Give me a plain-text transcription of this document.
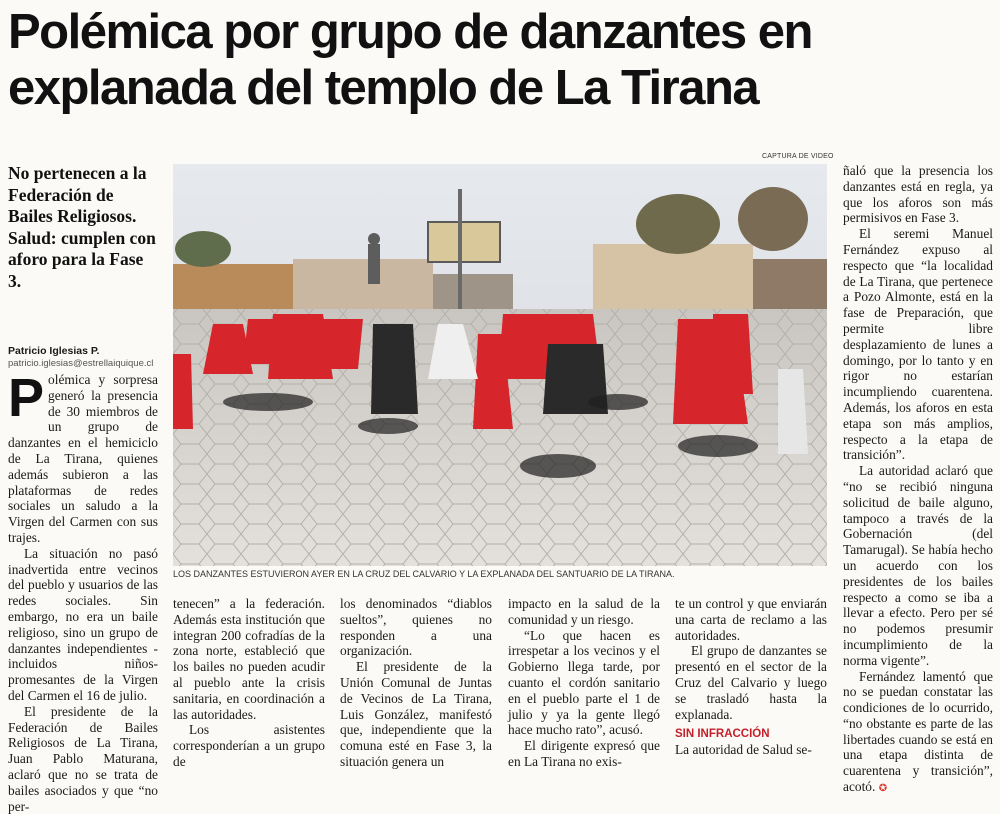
Polémica por grupo de danzantes en explanada del templo de La Tirana
No pertenecen a la Federación de Bailes Religiosos. Salud: cumplen con aforo para la Fase 3.
Patricio Iglesias P.
patricio.iglesias@estrellaiquique.cl
CAPTURA DE VIDEO
LOS DANZANTES ESTUVIERON AYER EN LA CRUZ DEL CALVARIO Y LA EXPLANADA DEL SANTUARIO DE LA TIRANA.

Polémica y sorpresa generó la presencia de 30 miembros de un grupo de danzantes en el hemiciclo de La Tirana, quienes además subieron a las plataformas de redes sociales un saludo a la Virgen del Carmen con sus trajes.

La situación no pasó inadvertida entre vecinos del pueblo y usuarios de las redes sociales. Sin embargo, no era un baile religioso, sino un grupo de danzantes independientes -incluidos niños- promesantes de la Virgen del Carmen el 16 de julio.

El presidente de la Federación de Bailes Religiosos de La Tirana, Juan Pablo Maturana, aclaró que no se trata de bailes asociados y que “no per-

tenecen” a la federación. Además esta institución que integran 200 cofradías de la zona norte, estableció que los bailes no pueden acudir al pueblo ante la crisis sanitaria, en coordinación a las autoridades.

Los asistentes corresponderían a un grupo de

los denominados “diablos sueltos”, quienes no responden a una organización.

El presidente de la Unión Comunal de Juntas de Vecinos de La Tirana, Luis González, manifestó que, independiente que la comuna esté en Fase 3, la situación genera un

impacto en la salud de la comunidad y un riesgo.

“Lo que hacen es irrespetar a los vecinos y el Gobierno llega tarde, por cuanto el cordón sanitario en el pueblo parte el 1 de julio y ya la gente llegó hace mucho rato”, acusó.

El dirigente expresó que en La Tirana no exis-

te un control y que enviarán una carta de reclamo a las autoridades.

El grupo de danzantes se presentó en el sector de la Cruz del Calvario y luego se trasladó hasta la explanada.

SIN INFRACCIÓN

La autoridad de Salud se-

ñaló que la presencia los danzantes está en regla, ya que los aforos son más permisivos en Fase 3.

El seremi Manuel Fernández expuso al respecto que “la localidad de La Tirana, que pertenece a Pozo Almonte, está en la fase de Preparación, que permite libre desplazamiento de lunes a domingo, por lo tanto y en rigor no estarían incumpliendo cuarentena. Además, los aforos en esta etapa son más amplios, respecto a la etapa de transición”.

La autoridad aclaró que “no se recibió ninguna solicitud de baile alguno, tampoco a través de la Gobernación (del Tamarugal). Se había hecho un acuerdo con los presidentes de los bailes respecto a como se iba a llevar a efecto. Pero per sé no podemos presumir incumplimiento de la norma vigente”.

Fernández lamentó que no se puedan constatar las condiciones de lo ocurrido, “no obstante es parte de las libertades cuando se está en una etapa distinta de cuarentena y transición”, acotó. ✪
